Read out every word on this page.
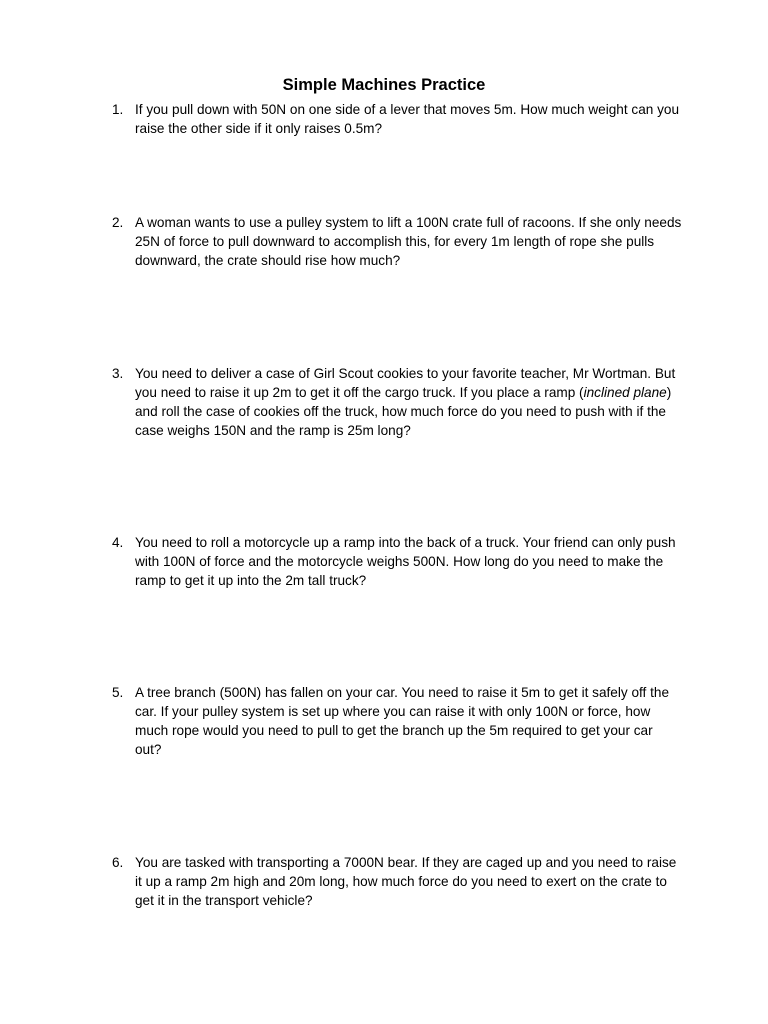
Simple Machines Practice
1. If you pull down with 50N on one side of a lever that moves 5m. How much weight can you raise the other side if it only raises 0.5m?
2. A woman wants to use a pulley system to lift a 100N crate full of racoons. If she only needs 25N of force to pull downward to accomplish this, for every 1m length of rope she pulls downward, the crate should rise how much?
3. You need to deliver a case of Girl Scout cookies to your favorite teacher, Mr Wortman. But you need to raise it up 2m to get it off the cargo truck. If you place a ramp (inclined plane) and roll the case of cookies off the truck, how much force do you need to push with if the case weighs 150N and the ramp is 25m long?
4. You need to roll a motorcycle up a ramp into the back of a truck. Your friend can only push with 100N of force and the motorcycle weighs 500N. How long do you need to make the ramp to get it up into the 2m tall truck?
5. A tree branch (500N) has fallen on your car. You need to raise it 5m to get it safely off the car. If your pulley system is set up where you can raise it with only 100N or force, how much rope would you need to pull to get the branch up the 5m required to get your car out?
6. You are tasked with transporting a 7000N bear. If they are caged up and you need to raise it up a ramp 2m high and 20m long, how much force do you need to exert on the crate to get it in the transport vehicle?
